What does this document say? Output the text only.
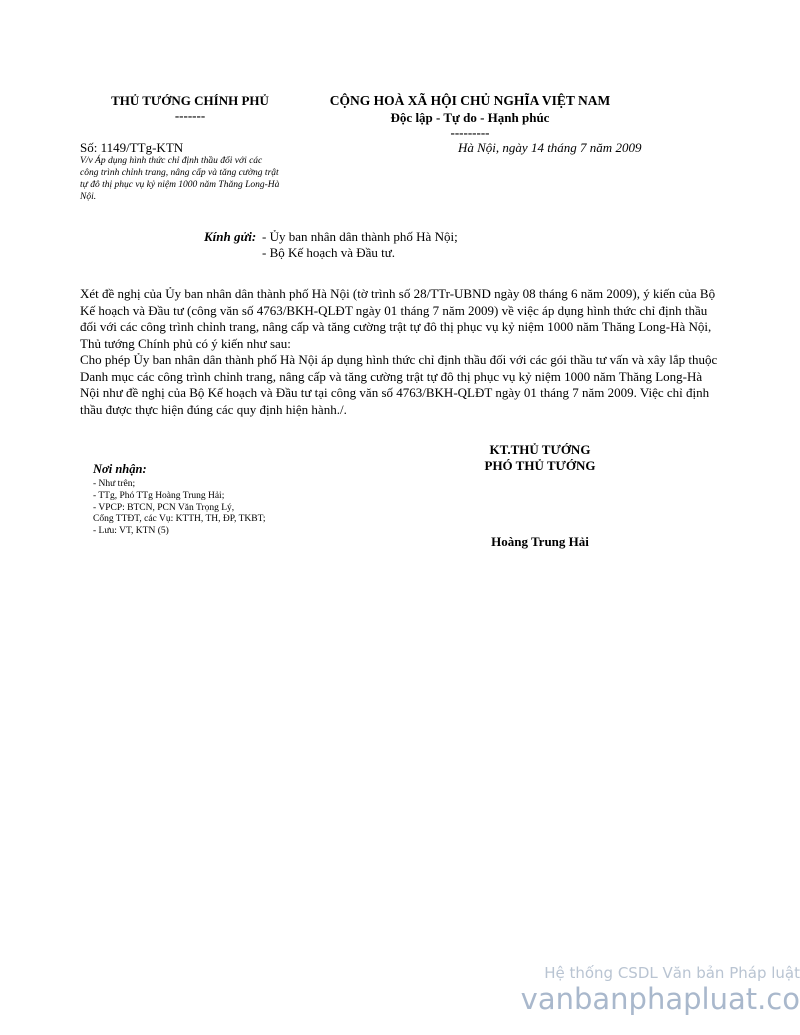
THỦ TƯỚNG CHÍNH PHỦ
-------
CỘNG HOÀ XÃ HỘI CHỦ NGHĨA VIỆT NAM
Độc lập - Tự do - Hạnh phúc
---------
Số: 1149/TTg-KTN
V/v Áp dụng hình thức chỉ định thầu đối với các công trình chỉnh trang, nâng cấp và tăng cường trật tự đô thị phục vụ kỷ niệm 1000 năm Thăng Long-Hà Nội.
Hà Nội, ngày 14 tháng 7 năm 2009
Kính gửi: - Ủy ban nhân dân thành phố Hà Nội;
- Bộ Kế hoạch và Đầu tư.
Xét đề nghị của Ủy ban nhân dân thành phố Hà Nội (tờ trình số 28/TTr-UBND ngày 08 tháng 6 năm 2009), ý kiến của Bộ Kế hoạch và Đầu tư (công văn số 4763/BKH-QLĐT ngày 01 tháng 7 năm 2009) về việc áp dụng hình thức chỉ định thầu đối với các công trình chỉnh trang, nâng cấp và tăng cường trật tự đô thị phục vụ kỷ niệm 1000 năm Thăng Long-Hà Nội, Thủ tướng Chính phủ có ý kiến như sau:
Cho phép Ủy ban nhân dân thành phố Hà Nội áp dụng hình thức chỉ định thầu đối với các gói thầu tư vấn và xây lắp thuộc Danh mục các công trình chỉnh trang, nâng cấp và tăng cường trật tự đô thị phục vụ kỷ niệm 1000 năm Thăng Long-Hà Nội như đề nghị của Bộ Kế hoạch và Đầu tư tại công văn số 4763/BKH-QLĐT ngày 01 tháng 7 năm 2009. Việc chỉ định thầu được thực hiện đúng các quy định hiện hành./.
KT.THỦ TƯỚNG
PHÓ THỦ TƯỚNG
Hoàng Trung Hải
Nơi nhận:
- Như trên;
- TTg, Phó TTg Hoàng Trung Hải;
- VPCP: BTCN, PCN Văn Trọng Lý,
Cổng TTĐT, các Vụ: KTTH, TH, ĐP, TKBT;
- Lưu: VT, KTN (5)
Hệ thống CSDL Văn bản Pháp luật
vanbanphapluat.co
